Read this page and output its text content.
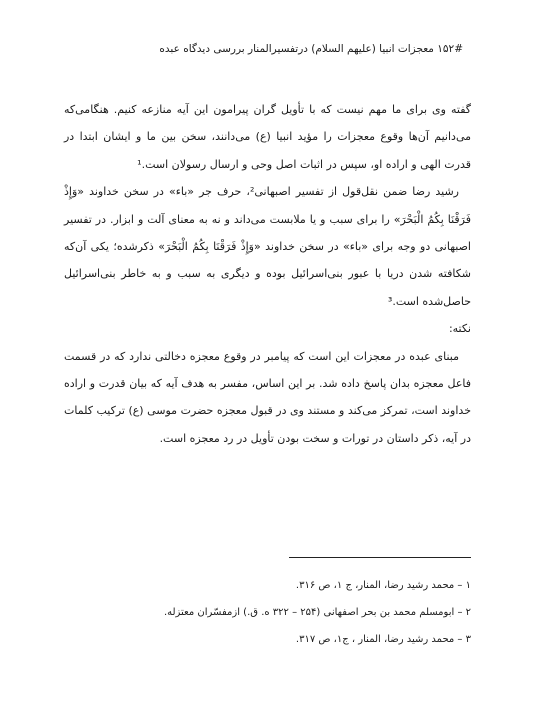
۱۵۲# معجزات انبیا (علیهم السلام) درتفسیرالمنار بررسی دیدگاه عبده

گفته وی برای ما مهم نیست که با تأویل گران پیرامون این آیه منازعه کنیم. هنگامی‌که می‌دانیم آن‌ها وقوع معجزات را مؤید انبیا (ع) می‌دانند، سخن بین ما و ایشان ابتدا در قدرت الهی و اراده او، سپس در اثبات اصل وحی و ارسال رسولان است.¹

رشید رضا ضمن نقل‌قول از تفسیر اصبهانی²، حرف جر «باء» در سخن خداوند «وَإِذْ فَرَقْنَا بِكُمُ الْبَحْرَ» را برای سبب و یا ملابست می‌داند و نه به معنای آلت و ابزار. در تفسیر اصبهانی دو وجه برای «باء» در سخن خداوند «وَإِذْ فَرَقْنَا بِكُمُ الْبَحْرَ» ذکرشده؛ یکی آن‌که شکافته شدن دریا با عبور بنی‌اسرائیل بوده و دیگری به سبب و به خاطر بنی‌اسرائیل حاصل‌شده است.³

نکته:

مبنای عبده در معجزات این است که پیامبر در وقوع معجزه دخالتی ندارد که در قسمت فاعل معجزه بدان پاسخ داده شد. بر این اساس، مفسر به هدف آیه که بیان قدرت و اراده خداوند است، تمرکز می‌کند و مستند وی در قبول معجزه حضرت موسی (ع) ترکیب کلمات در آیه، ذکر داستان در تورات و سخت بودن تأویل در رد معجزه است.

۱ – محمد رشید رضا، المنار، ج ۱، ص ۳۱۶.

۲ – ابومسلم محمد بن بحر اصفهانی (۲۵۴ – ۳۲۲ ه. ق.) ازمفسّران معتزله.

۳ – محمد رشید رضا، المنار ، ج۱، ص ۳۱۷.
